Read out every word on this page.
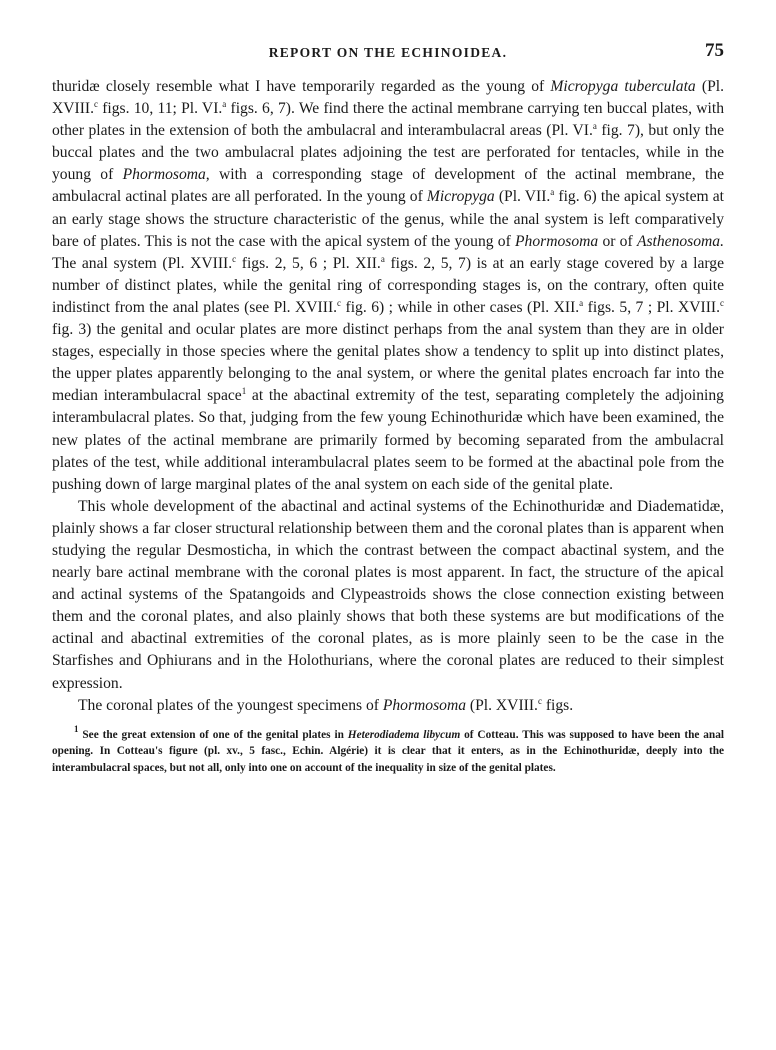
REPORT ON THE ECHINOIDEA.	75

thuridæ closely resemble what I have temporarily regarded as the young of Micropyga tuberculata (Pl. XVIII.$^c$ figs. 10, 11; Pl. VI.$^a$ figs. 6, 7). We find there the actinal membrane carrying ten buccal plates, with other plates in the extension of both the ambulacral and interambulacral areas (Pl. VI.$^a$ fig. 7), but only the buccal plates and the two ambulacral plates adjoining the test are perforated for tentacles, while in the young of Phormosoma, with a corresponding stage of development of the actinal membrane, the ambulacral actinal plates are all perforated. In the young of Micropyga (Pl. VII.$^a$ fig. 6) the apical system at an early stage shows the structure characteristic of the genus, while the anal system is left comparatively bare of plates. This is not the case with the apical system of the young of Phormosoma or of Asthenosoma. The anal system (Pl. XVIII.$^c$ figs. 2, 5, 6 ; Pl. XII.$^a$ figs. 2, 5, 7) is at an early stage covered by a large number of distinct plates, while the genital ring of corresponding stages is, on the contrary, often quite indistinct from the anal plates (see Pl. XVIII.$^c$ fig. 6) ; while in other cases (Pl. XII.$^a$ figs. 5, 7 ; Pl. XVIII.$^c$ fig. 3) the genital and ocular plates are more distinct perhaps from the anal system than they are in older stages, especially in those species where the genital plates show a tendency to split up into distinct plates, the upper plates apparently belonging to the anal system, or where the genital plates encroach far into the median interambulacral space$^1$ at the abactinal extremity of the test, separating completely the adjoining interambulacral plates. So that, judging from the few young Echinothuridæ which have been examined, the new plates of the actinal membrane are primarily formed by becoming separated from the ambulacral plates of the test, while additional interambulacral plates seem to be formed at the abactinal pole from the pushing down of large marginal plates of the anal system on each side of the genital plate.

This whole development of the abactinal and actinal systems of the Echinothuridæ and Diadematidæ, plainly shows a far closer structural relationship between them and the coronal plates than is apparent when studying the regular Desmosticha, in which the contrast between the compact abactinal system, and the nearly bare actinal membrane with the coronal plates is most apparent. In fact, the structure of the apical and actinal systems of the Spatangoids and Clypeastroids shows the close connection existing between them and the coronal plates, and also plainly shows that both these systems are but modifications of the actinal and abactinal extremities of the coronal plates, as is more plainly seen to be the case in the Starfishes and Ophiurans and in the Holothurians, where the coronal plates are reduced to their simplest expression.

The coronal plates of the youngest specimens of Phormosoma (Pl. XVIII.$^c$ figs.

$^1$ See the great extension of one of the genital plates in Heterodiadema libycum of Cotteau. This was supposed to have been the anal opening. In Cotteau's figure (pl. xv., 5 fasc., Echin. Algérie) it is clear that it enters, as in the Echinothuridæ, deeply into the interambulacral spaces, but not all, only into one on account of the inequality in size of the genital plates.
